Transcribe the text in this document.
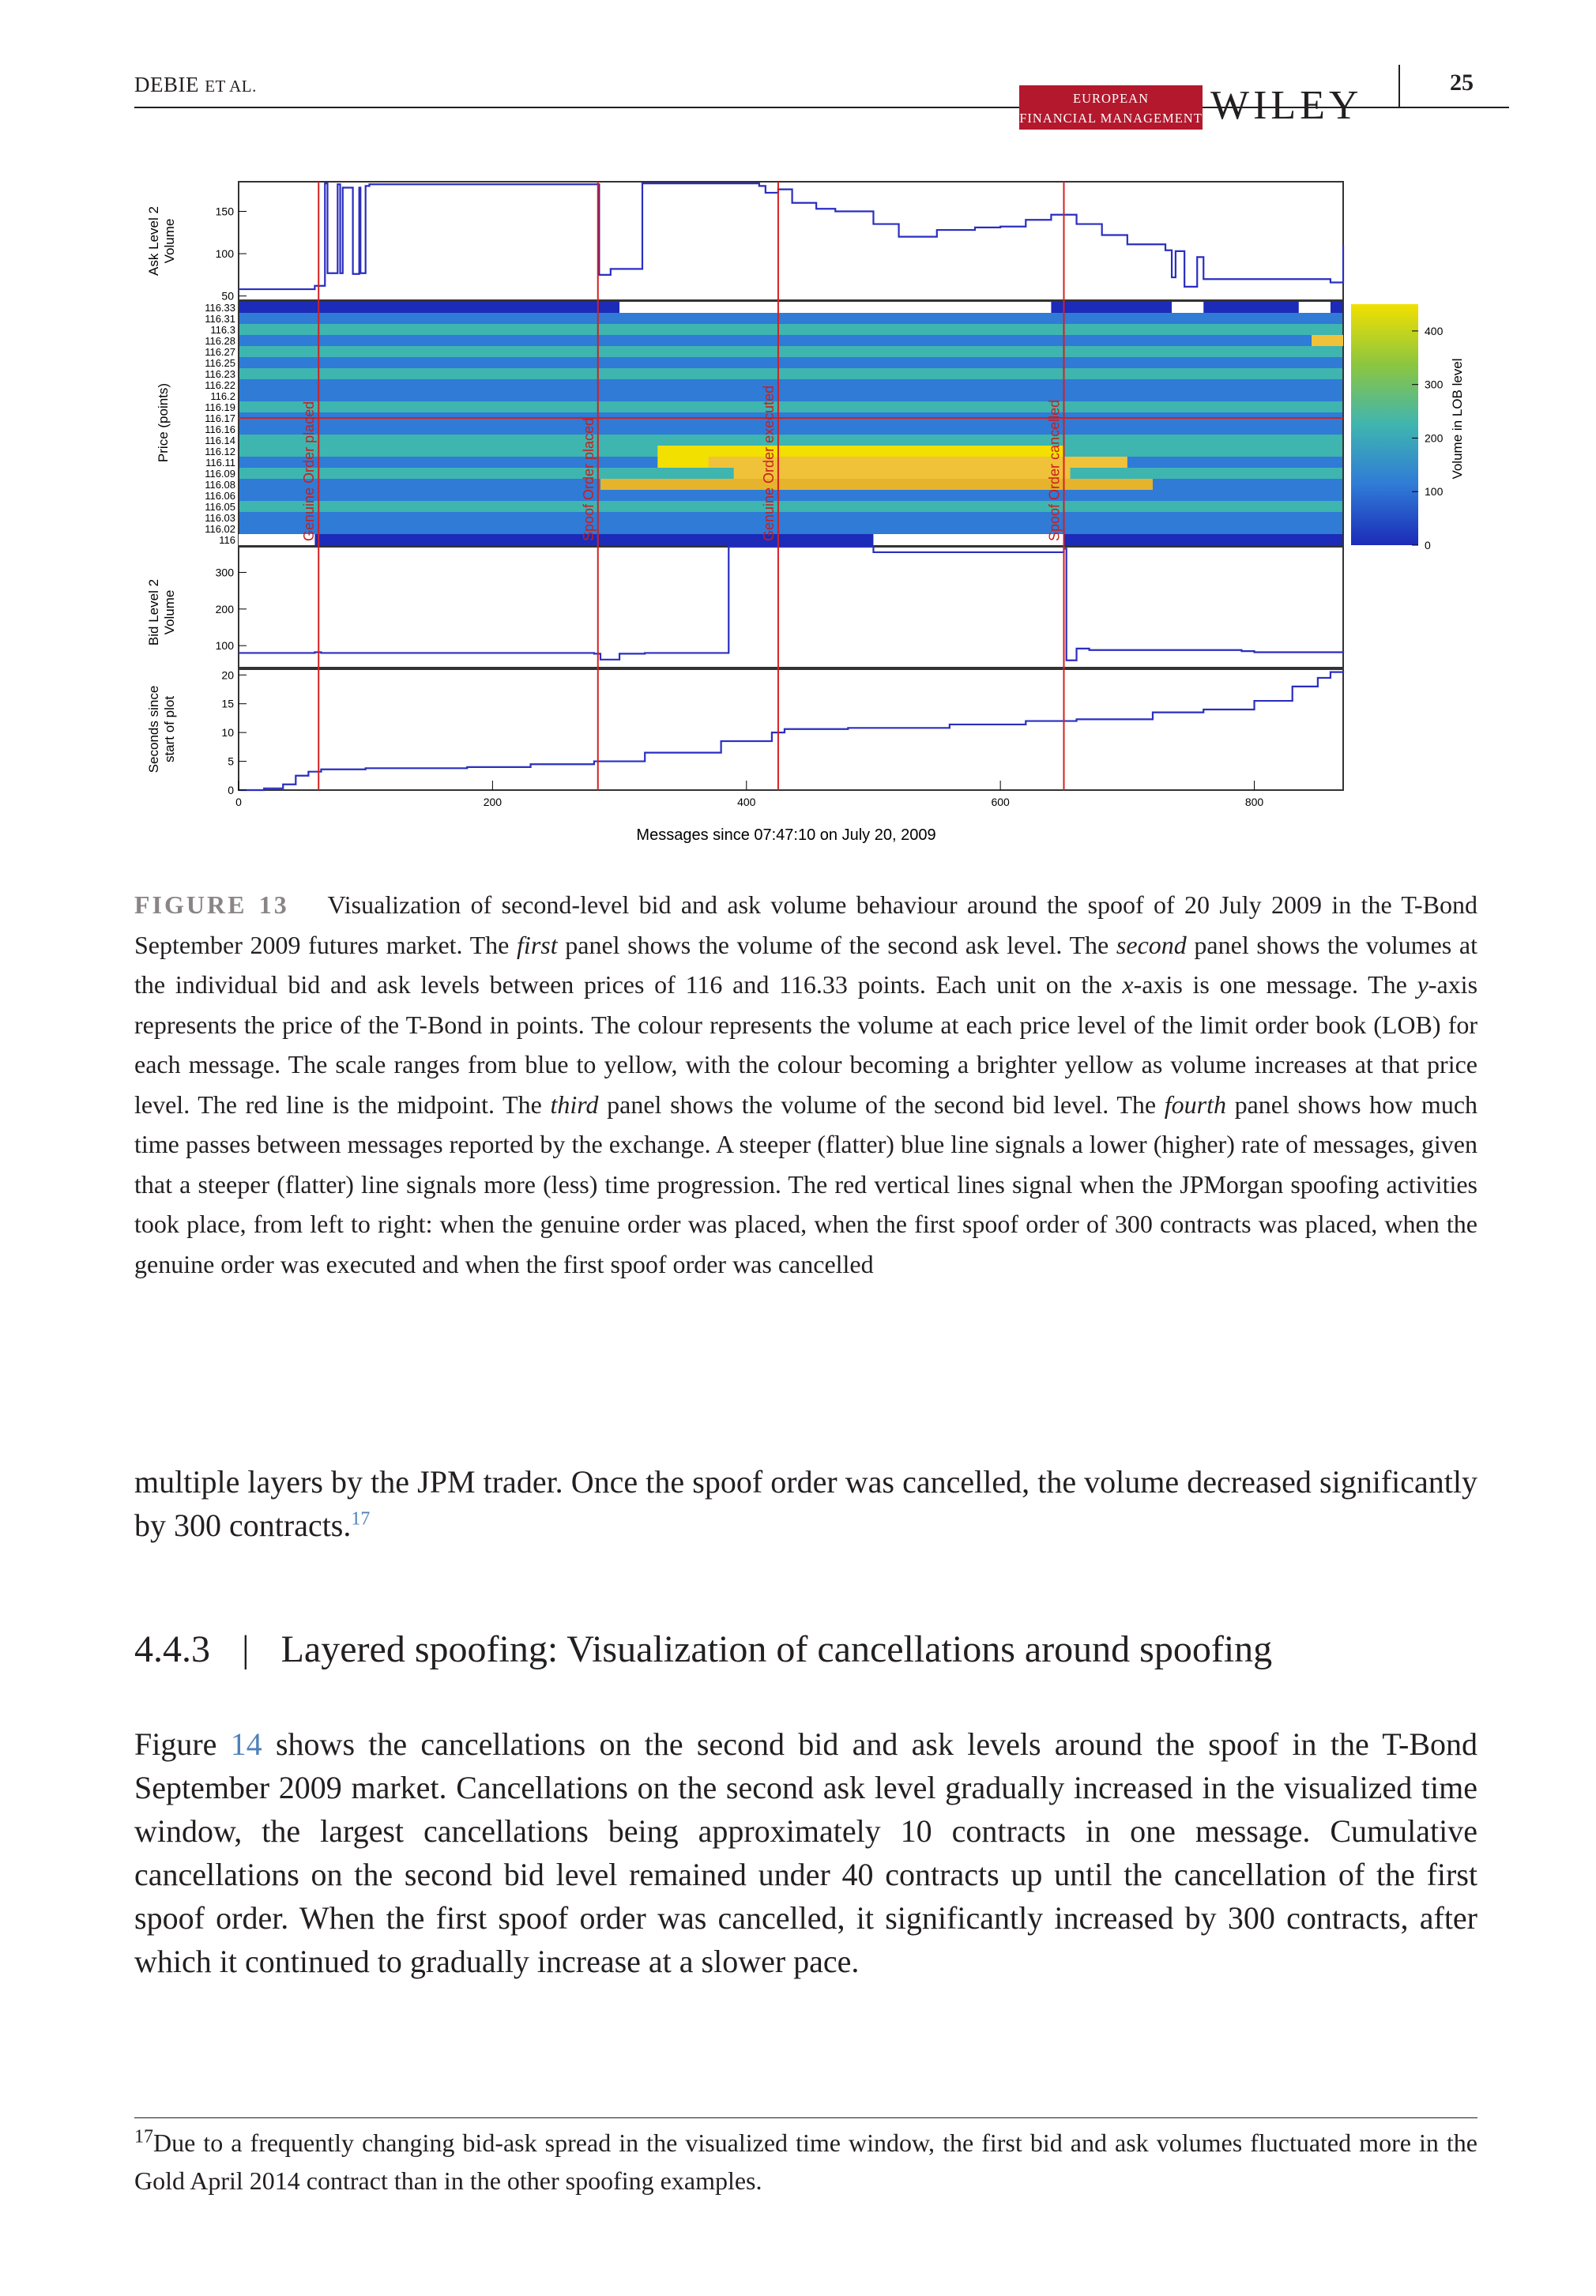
DEBIE ET AL.
EUROPEAN
FINANCIAL MANAGEMENT WILEY
25
116
116.02
116.03
116.05
116.06
116.08
116.09
116.11
116.12
116.14
116.16
116.17
116.19
116.2
116.22
116.23
116.25
116.27
116.28
116.3
116.31
116.33
0
100
200
300
400
50
100
150
100
200
300
0
5
10
15
20
Genuine Order placed	Spoof Order placed	Genuine Order executed	Spoof Order cancelled
0	200	400	600	800
Ask Level 2Volume
Price (points)
Bid Level 2Volume
Seconds sincestart of plot
Volume in LOB level
Messages since 07:47:10 on July 20, 2009
FIGURE 13 Visualization of second-level bid and ask volume behaviour around the spoof of 20 July 2009 in the T-Bond September 2009 futures market. The first panel shows the volume of the second ask level. The second panel shows the volumes at the individual bid and ask levels between prices of 116 and 116.33 points. Each unit on the x-axis is one message. The y-axis represents the price of the T-Bond in points. The colour represents the volume at each price level of the limit order book (LOB) for each message. The scale ranges from blue to yellow, with the colour becoming a brighter yellow as volume increases at that price level. The red line is the midpoint. The third panel shows the volume of the second bid level. The fourth panel shows how much time passes between messages reported by the exchange. A steeper (flatter) blue line signals a lower (higher) rate of messages, given that a steeper (flatter) line signals more (less) time progression. The red vertical lines signal when the JPMorgan spoofing activities took place, from left to right: when the genuine order was placed, when the first spoof order of 300 contracts was placed, when the genuine order was executed and when the first spoof order was cancelled
multiple layers by the JPM trader. Once the spoof order was cancelled, the volume decreased significantly by 300 contracts.$^{17}$
4.4.3 | Layered spoofing: Visualization of cancellations around spoofing
Figure 14 shows the cancellations on the second bid and ask levels around the spoof in the T-Bond September 2009 market. Cancellations on the second ask level gradually increased in the visualized time window, the largest cancellations being approximately 10 contracts in one message. Cumulative cancellations on the second bid level remained under 40 contracts up until the cancellation of the first spoof order. When the first spoof order was cancelled, it significantly increased by 300 contracts, after which it continued to gradually increase at a slower pace.
$^{17}$Due to a frequently changing bid-ask spread in the visualized time window, the first bid and ask volumes fluctuated more in the Gold April 2014 contract than in the other spoofing examples.
